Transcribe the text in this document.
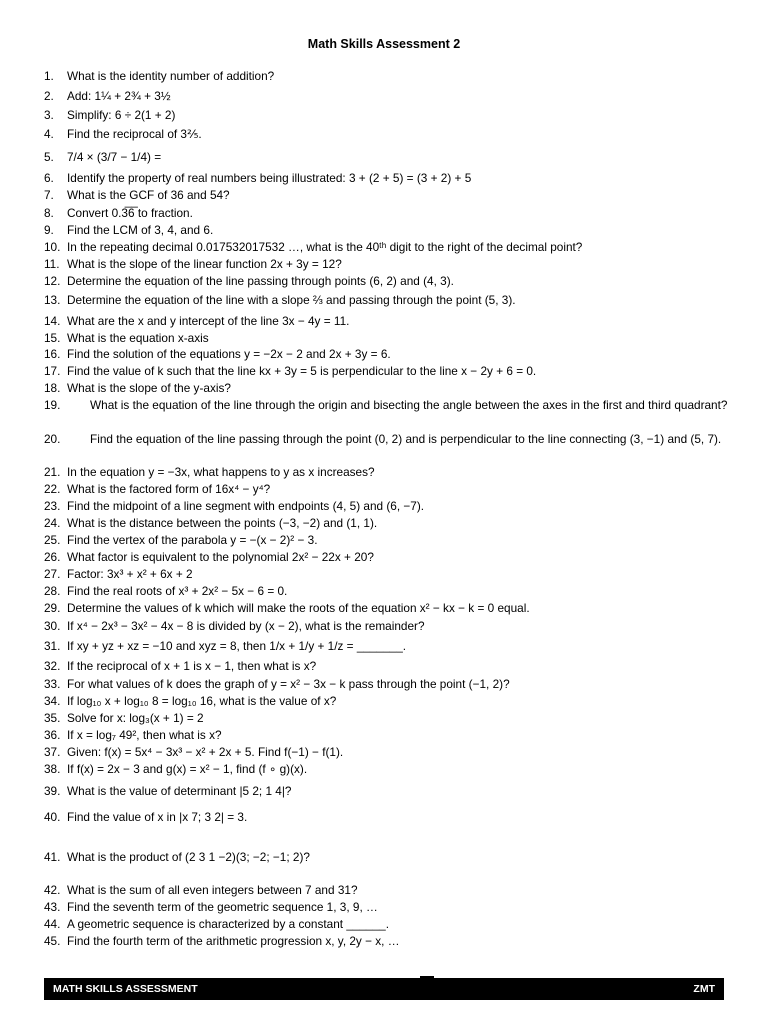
Math Skills Assessment 2
1.	What is the identity number of addition?
2.	Add: 1¼ + 2¾ + 3½
3.	Simplify: 6 ÷ 2(1 + 2)
4.	Find the reciprocal of 3⅖.
5.	7/4 × (3/7 − 1/4) =
6.	Identify the property of real numbers being illustrated: 3 + (2 + 5) = (3 + 2) + 5
7.	What is the GCF of 36 and 54?
8.	Convert 0.3̅6̅ to fraction.
9.	Find the LCM of 3, 4, and 6.
10. In the repeating decimal 0.017532017532 …, what is the 40ᵗʰ digit to the right of the decimal point?
11. What is the slope of the linear function 2x + 3y = 12?
12. Determine the equation of the line passing through points (6, 2) and (4, 3).
13. Determine the equation of the line with a slope ⅔ and passing through the point (5, 3).
14. What are the x and y intercept of the line 3x − 4y = 11.
15. What is the equation x-axis
16. Find the solution of the equations y = −2x − 2 and 2x + 3y = 6.
17. Find the value of k such that the line kx + 3y = 5 is perpendicular to the line x − 2y + 6 = 0.
18. What is the slope of the y-axis?
19.	What is the equation of the line through the origin and bisecting the angle between the axes in the first and third quadrant?
20.	Find the equation of the line passing through the point (0, 2) and is perpendicular to the line connecting (3, −1) and (5, 7).
21. In the equation y = −3x, what happens to y as x increases?
22. What is the factored form of 16x⁴ − y⁴?
23. Find the midpoint of a line segment with endpoints (4, 5) and (6, −7).
24. What is the distance between the points (−3, −2) and (1, 1).
25. Find the vertex of the parabola y = −(x − 2)² − 3.
26. What factor is equivalent to the polynomial 2x² − 22x + 20?
27. Factor: 3x³ + x² + 6x + 2
28. Find the real roots of x³ + 2x² − 5x − 6 = 0.
29. Determine the values of k which will make the roots of the equation x² − kx − k = 0 equal.
30. If x⁴ − 2x³ − 3x² − 4x − 8 is divided by (x − 2), what is the remainder?
31. If xy + yz + xz = −10 and xyz = 8, then 1/x + 1/y + 1/z = _______.
32. If the reciprocal of x + 1 is x − 1, then what is x?
33. For what values of k does the graph of y = x² − 3x − k pass through the point (−1, 2)?
34. If log₁₀ x + log₁₀ 8 = log₁₀ 16, what is the value of x?
35. Solve for x: log₃(x + 1) = 2
36. If x = log₇ 49², then what is x?
37. Given: f(x) = 5x⁴ − 3x³ − x² + 2x + 5. Find f(−1) − f(1).
38. If f(x) = 2x − 3 and g(x) = x² − 1, find (f ∘ g)(x).
39. What is the value of determinant |5 2; 1 4|?
40. Find the value of x in |x 7; 3 2| = 3.
41. What is the product of (2 3 1 −2)(3; −2; −1; 2)?
42. What is the sum of all even integers between 7 and 31?
43. Find the seventh term of the geometric sequence 1, 3, 9, …
44. A geometric sequence is characterized by a constant ______.
45. Find the fourth term of the arithmetic progression x, y, 2y − x, …
MATH SKILLS ASSESSMENT	ZMT
